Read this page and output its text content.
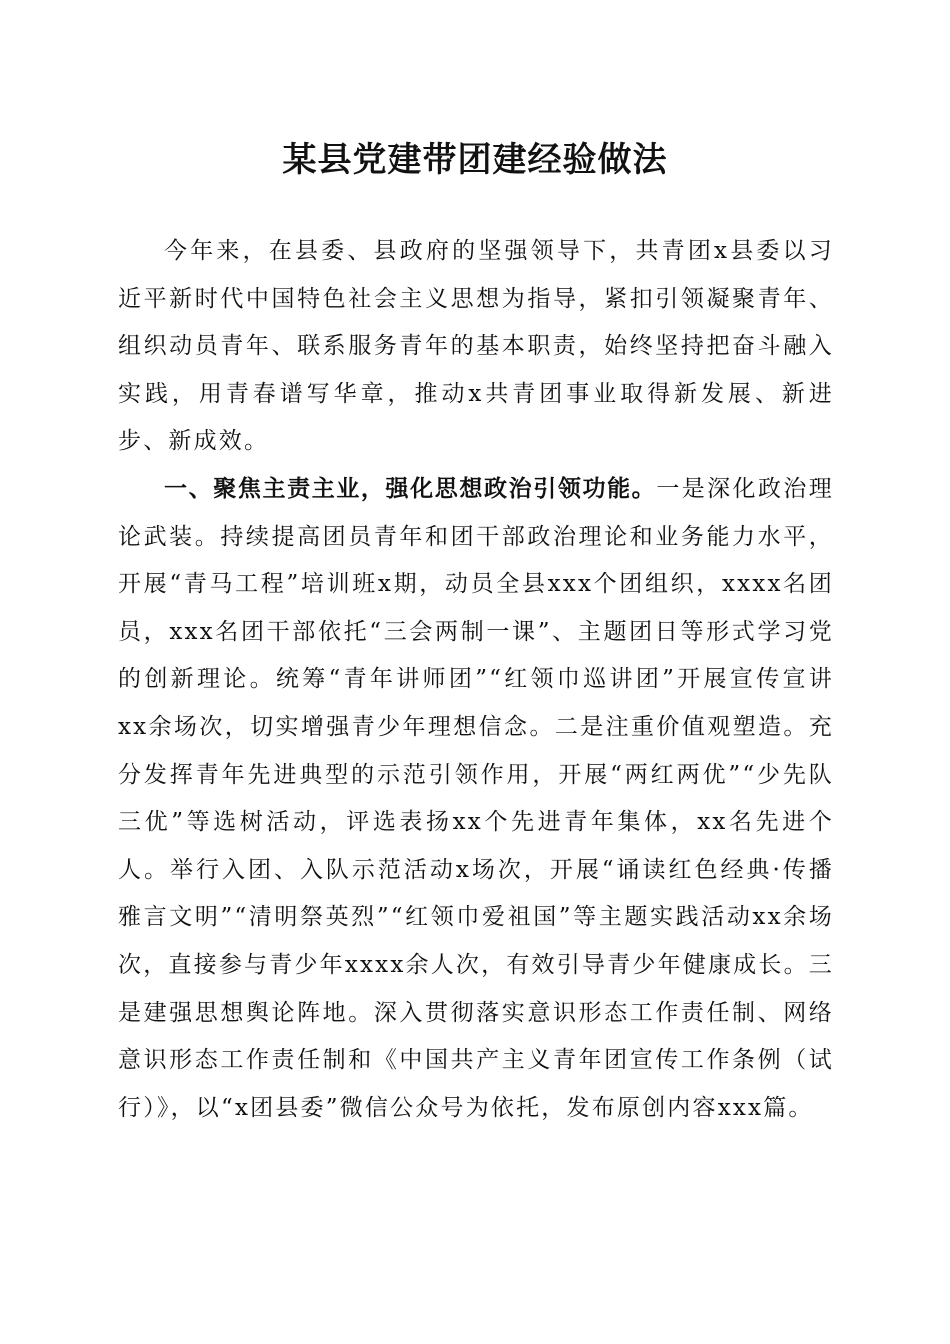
某县党建带团建经验做法

今年来，在县委、县政府的坚强领导下，共青团x县委以习近平新时代中国特色社会主义思想为指导，紧扣引领凝聚青年、组织动员青年、联系服务青年的基本职责，始终坚持把奋斗融入实践，用青春谱写华章，推动x共青团事业取得新发展、新进步、新成效。

一、聚焦主责主业，强化思想政治引领功能。一是深化政治理论武装。持续提高团员青年和团干部政治理论和业务能力水平，开展“青马工程”培训班x期，动员全县xxx个团组织，xxxx名团员，xxx名团干部依托“三会两制一课”、主题团日等形式学习党的创新理论。统筹“青年讲师团”“红领巾巡讲团”开展宣传宣讲xx余场次，切实增强青少年理想信念。二是注重价值观塑造。充分发挥青年先进典型的示范引领作用，开展“两红两优”“少先队三优”等选树活动，评选表扬xx个先进青年集体，xx名先进个人。举行入团、入队示范活动x场次，开展“诵读红色经典·传播雅言文明”“清明祭英烈”“红领巾爱祖国”等主题实践活动xx余场次，直接参与青少年xxxx余人次，有效引导青少年健康成长。三是建强思想舆论阵地。深入贯彻落实意识形态工作责任制、网络意识形态工作责任制和《中国共产主义青年团宣传工作条例（试行）》，以“x团县委”微信公众号为依托，发布原创内容xxx篇。
